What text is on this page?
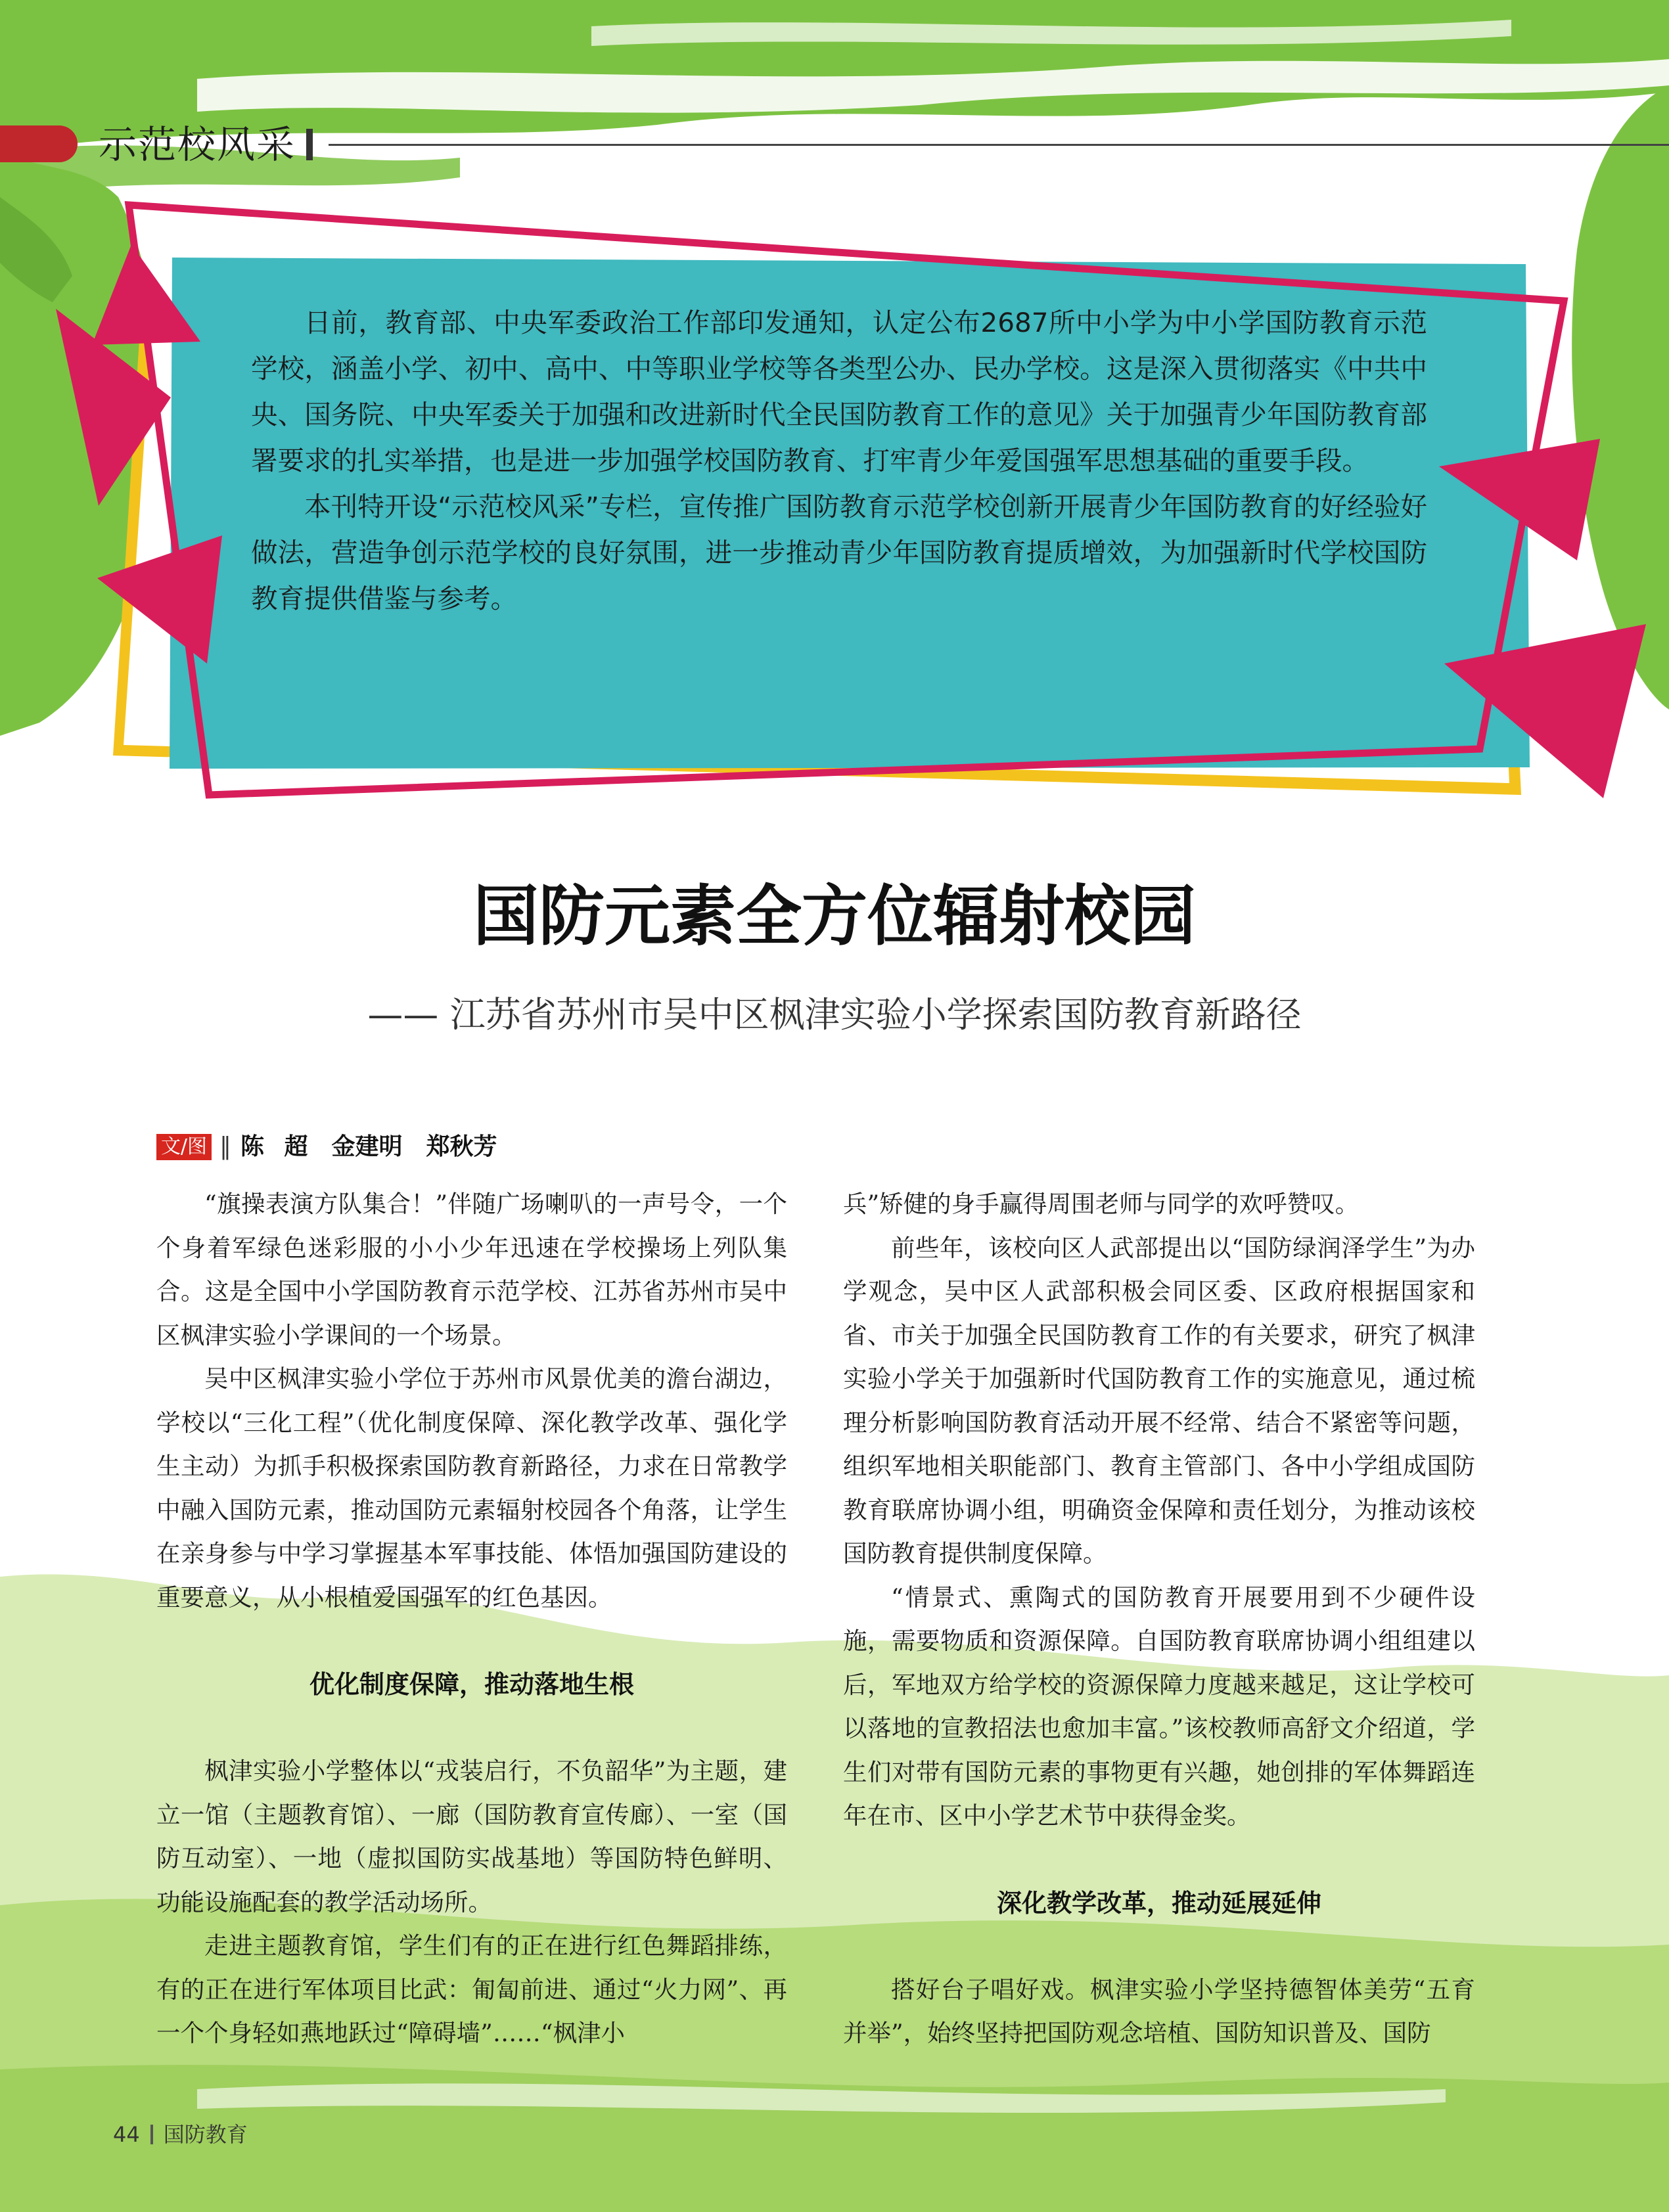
示范校风采

日前，教育部、中央军委政治工作部印发通知，认定公布2687所中小学为中小学国防教育示范学校，涵盖小学、初中、高中、中等职业学校等各类型公办、民办学校。这是深入贯彻落实《中共中央、国务院、中央军委关于加强和改进新时代全民国防教育工作的意见》关于加强青少年国防教育部署要求的扎实举措，也是进一步加强学校国防教育、打牢青少年爱国强军思想基础的重要手段。

本刊特开设“示范校风采”专栏，宣传推广国防教育示范学校创新开展青少年国防教育的好经验好做法，营造争创示范学校的良好氛围，进一步推动青少年国防教育提质增效，为加强新时代学校国防教育提供借鉴与参考。

国防元素全方位辐射校园
—— 江苏省苏州市吴中区枫津实验小学探索国防教育新路径
文/图 ‖ 陈 超　金建明　郑秋芳

“旗操表演方队集合！”伴随广场喇叭的一声号令，一个个身着军绿色迷彩服的小小少年迅速在学校操场上列队集合。这是全国中小学国防教育示范学校、江苏省苏州市吴中区枫津实验小学课间的一个场景。

吴中区枫津实验小学位于苏州市风景优美的澹台湖边，学校以“三化工程”（优化制度保障、深化教学改革、强化学生主动）为抓手积极探索国防教育新路径，力求在日常教学中融入国防元素，推动国防元素辐射校园各个角落，让学生在亲身参与中学习掌握基本军事技能、体悟加强国防建设的重要意义，从小根植爱国强军的红色基因。

优化制度保障，推动落地生根

枫津实验小学整体以“戎装启行，不负韶华”为主题，建立一馆（主题教育馆）、一廊（国防教育宣传廊）、一室（国防互动室）、一地（虚拟国防实战基地）等国防特色鲜明、功能设施配套的教学活动场所。

走进主题教育馆，学生们有的正在进行红色舞蹈排练，有的正在进行军体项目比武：匍匐前进、通过“火力网”、再一个个身轻如燕地跃过“障碍墙”……“枫津小

兵”矫健的身手赢得周围老师与同学的欢呼赞叹。

前些年，该校向区人武部提出以“国防绿润泽学生”为办学观念，吴中区人武部积极会同区委、区政府根据国家和省、市关于加强全民国防教育工作的有关要求，研究了枫津实验小学关于加强新时代国防教育工作的实施意见，通过梳理分析影响国防教育活动开展不经常、结合不紧密等问题，组织军地相关职能部门、教育主管部门、各中小学组成国防教育联席协调小组，明确资金保障和责任划分，为推动该校国防教育提供制度保障。

“情景式、熏陶式的国防教育开展要用到不少硬件设施，需要物质和资源保障。自国防教育联席协调小组组建以后，军地双方给学校的资源保障力度越来越足，这让学校可以落地的宣教招法也愈加丰富。”该校教师高舒文介绍道，学生们对带有国防元素的事物更有兴趣，她创排的军体舞蹈连年在市、区中小学艺术节中获得金奖。

深化教学改革，推动延展延伸

搭好台子唱好戏。枫津实验小学坚持德智体美劳“五育并举”，始终坚持把国防观念培植、国防知识普及、国防

44 国防教育
